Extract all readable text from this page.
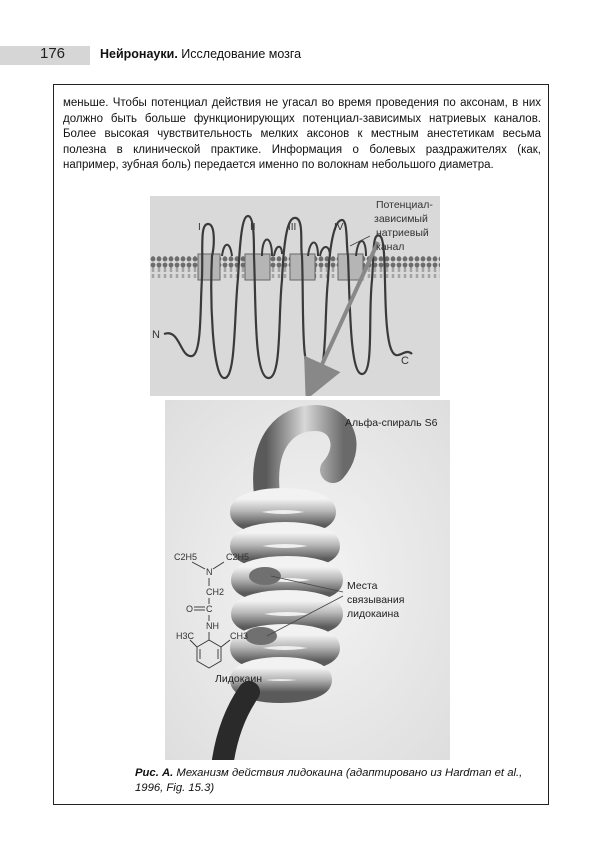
176	Нейронауки. Исследование мозга

меньше. Чтобы потенциал действия не угасал во время проведения по аксонам, в них должно быть больше функционирующих потенциал-зависимых натриевых каналов. Более высокая чувствительность мелких аксонов к местным анестетикам весьма полезна в клинической практике. Информация о болевых раздражителях (как, например, зубная боль) передается именно по волокнам небольшого диаметра.

I	II	III	IV
N
C
Потенциал-
зависимый
натриевый
канал
Альфа-спираль S6
Места
связывания
лидокаина
Лидокаин
C2H5	C2H5
N
CH2
C
O
NH
H3C	CH3

Рис. А. Механизм действия лидокаина (адаптировано из Hardman et al., 1996, Fig. 15.3)
